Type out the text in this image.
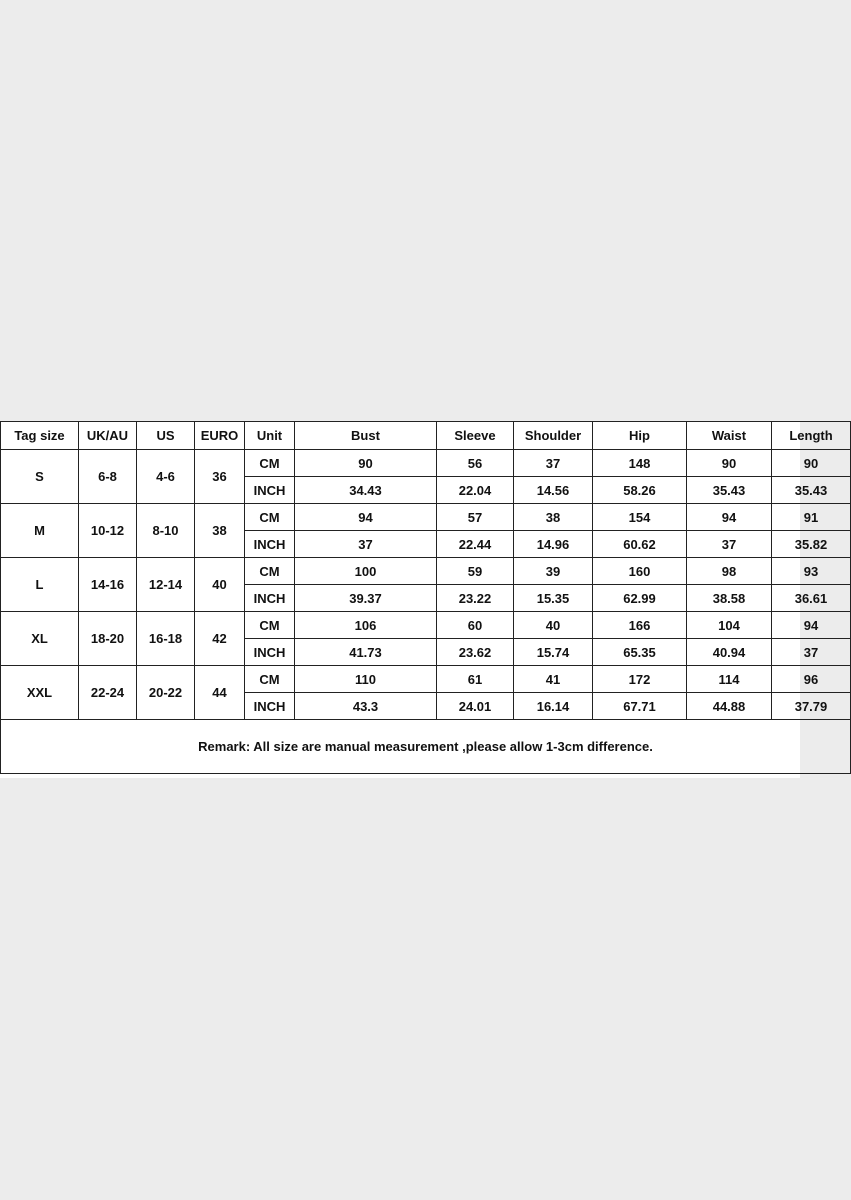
Tag size	UK/AU	US	EURO	Unit	Bust	Sleeve	Shoulder	Hip	Waist	Length
S	6-8	4-6	36	CM	90	56	37	148	90	90
				INCH	34.43	22.04	14.56	58.26	35.43	35.43
M	10-12	8-10	38	CM	94	57	38	154	94	91
				INCH	37	22.44	14.96	60.62	37	35.82
L	14-16	12-14	40	CM	100	59	39	160	98	93
				INCH	39.37	23.22	15.35	62.99	38.58	36.61
XL	18-20	16-18	42	CM	106	60	40	166	104	94
				INCH	41.73	23.62	15.74	65.35	40.94	37
XXL	22-24	20-22	44	CM	110	61	41	172	114	96
				INCH	43.3	24.01	16.14	67.71	44.88	37.79
Remark: All size are manual measurement ,please allow 1-3cm difference.										
